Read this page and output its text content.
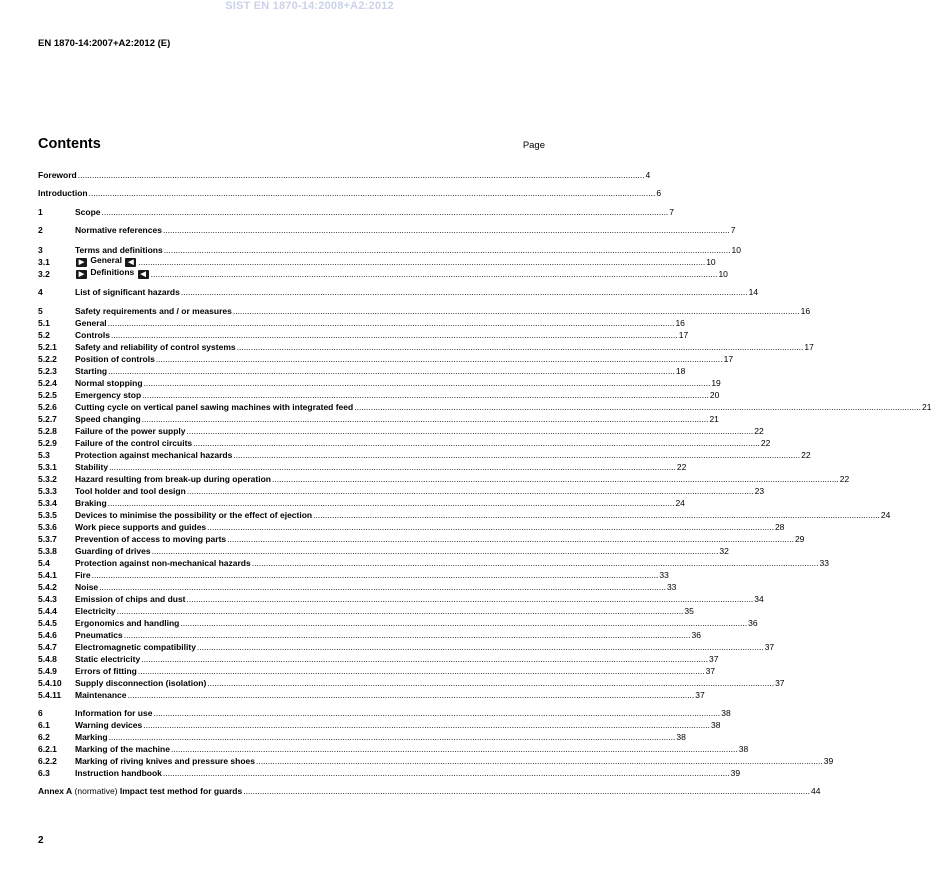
SIST EN 1870-14:2008+A2:2012
EN 1870-14:2007+A2:2012 (E)
Contents	Page
Foreword ................................................................................................................................................................................................................................................ 4
Introduction ................................................................................................................................................................................................................................................ 6
1	Scope ................................................................................................................................................................................................................................................ 7
2	Normative references ................................................................................................................................................................................................................................................ 7
3	Terms and definitions ................................................................................................................................................................................................................................................ 10
3.1	▶ General ◀ ................................................................................................................................................................................................................................................ 10
3.2	▶ Definitions ◀ ................................................................................................................................................................................................................................................ 10
4	List of significant hazards ................................................................................................................................................................................................................................................ 14
5	Safety requirements and / or measures ................................................................................................................................................................................................................................................ 16
5.1	General ................................................................................................................................................................................................................................................ 16
5.2	Controls ................................................................................................................................................................................................................................................ 17
5.2.1	Safety and reliability of control systems ................................................................................................................................................................................................................................................ 17
5.2.2	Position of controls ................................................................................................................................................................................................................................................ 17
5.2.3	Starting ................................................................................................................................................................................................................................................ 18
5.2.4	Normal stopping ................................................................................................................................................................................................................................................ 19
5.2.5	Emergency stop ................................................................................................................................................................................................................................................ 20
5.2.6	Cutting cycle on vertical panel sawing machines with integrated feed ................................................................................................................................................................................................................................................ 21
5.2.7	Speed changing ................................................................................................................................................................................................................................................ 21
5.2.8	Failure of the power supply ................................................................................................................................................................................................................................................ 22
5.2.9	Failure of the control circuits ................................................................................................................................................................................................................................................ 22
5.3	Protection against mechanical hazards ................................................................................................................................................................................................................................................ 22
5.3.1	Stability ................................................................................................................................................................................................................................................ 22
5.3.2	Hazard resulting from break-up during operation ................................................................................................................................................................................................................................................ 22
5.3.3	Tool holder and tool design ................................................................................................................................................................................................................................................ 23
5.3.4	Braking ................................................................................................................................................................................................................................................ 24
5.3.5	Devices to minimise the possibility or the effect of ejection ................................................................................................................................................................................................................................................ 24
5.3.6	Work piece supports and guides ................................................................................................................................................................................................................................................ 28
5.3.7	Prevention of access to moving parts ................................................................................................................................................................................................................................................ 29
5.3.8	Guarding of drives ................................................................................................................................................................................................................................................ 32
5.4	Protection against non-mechanical hazards ................................................................................................................................................................................................................................................ 33
5.4.1	Fire ................................................................................................................................................................................................................................................ 33
5.4.2	Noise ................................................................................................................................................................................................................................................ 33
5.4.3	Emission of chips and dust ................................................................................................................................................................................................................................................ 34
5.4.4	Electricity ................................................................................................................................................................................................................................................ 35
5.4.5	Ergonomics and handling ................................................................................................................................................................................................................................................ 36
5.4.6	Pneumatics ................................................................................................................................................................................................................................................ 36
5.4.7	Electromagnetic compatibility ................................................................................................................................................................................................................................................ 37
5.4.8	Static electricity ................................................................................................................................................................................................................................................ 37
5.4.9	Errors of fitting ................................................................................................................................................................................................................................................ 37
5.4.10	Supply disconnection (isolation) ................................................................................................................................................................................................................................................ 37
5.4.11	Maintenance ................................................................................................................................................................................................................................................ 37
6	Information for use ................................................................................................................................................................................................................................................ 38
6.1	Warning devices ................................................................................................................................................................................................................................................ 38
6.2	Marking ................................................................................................................................................................................................................................................ 38
6.2.1	Marking of the machine ................................................................................................................................................................................................................................................ 38
6.2.2	Marking of riving knives and pressure shoes ................................................................................................................................................................................................................................................ 39
6.3	Instruction handbook ................................................................................................................................................................................................................................................ 39
Annex A (normative) Impact test method for guards ................................................................................................................................................................................................................................................ 44
2
